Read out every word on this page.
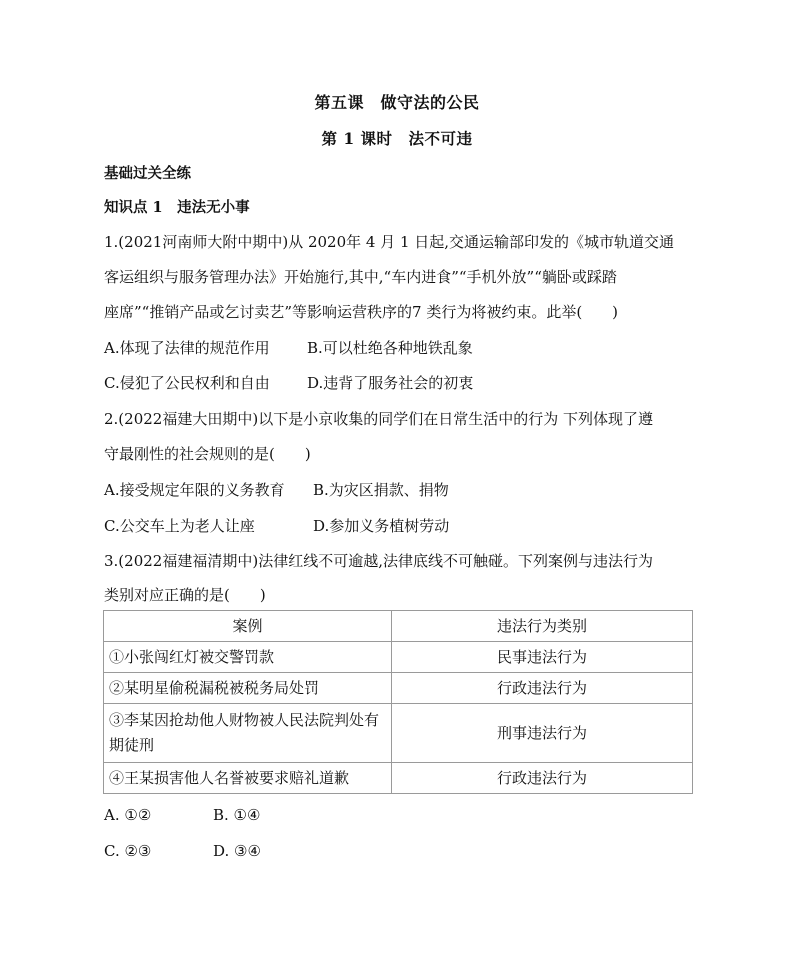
第五课　做守法的公民
第 1 课时　法不可违
基础过关全练
知识点 1　违法无小事
1.(2021河南师大附中期中)从 2020年 4 月 1 日起,交通运输部印发的《城市轨道交通
客运组织与服务管理办法》开始施行,其中,“车内进食”“手机外放”“躺卧或踩踏
座席”“推销产品或乞讨卖艺”等影响运营秩序的7 类行为将被约束。此举(　　)
A.体现了法律的规范作用 B.可以杜绝各种地铁乱象
C.侵犯了公民权利和自由 D.违背了服务社会的初衷
2.(2022福建大田期中)以下是小京收集的同学们在日常生活中的行为 下列体现了遵
守最刚性的社会规则的是(　　)
A.接受规定年限的义务教育 B.为灾区捐款、捐物
C.公交车上为老人让座	D.参加义务植树劳动
3.(2022福建福清期中)法律红线不可逾越,法律底线不可触碰。下列案例与违法行为
类别对应正确的是(　　)
案例	违法行为类别
①小张闯红灯被交警罚款	民事违法行为
②某明星偷税漏税被税务局处罚	行政违法行为
③李某因抢劫他人财物被人民法院判处有期徒刑	刑事违法行为
④王某损害他人名誉被要求赔礼道歉	行政违法行为
A. ①②	B. ①④
C. ②③	D. ③④
